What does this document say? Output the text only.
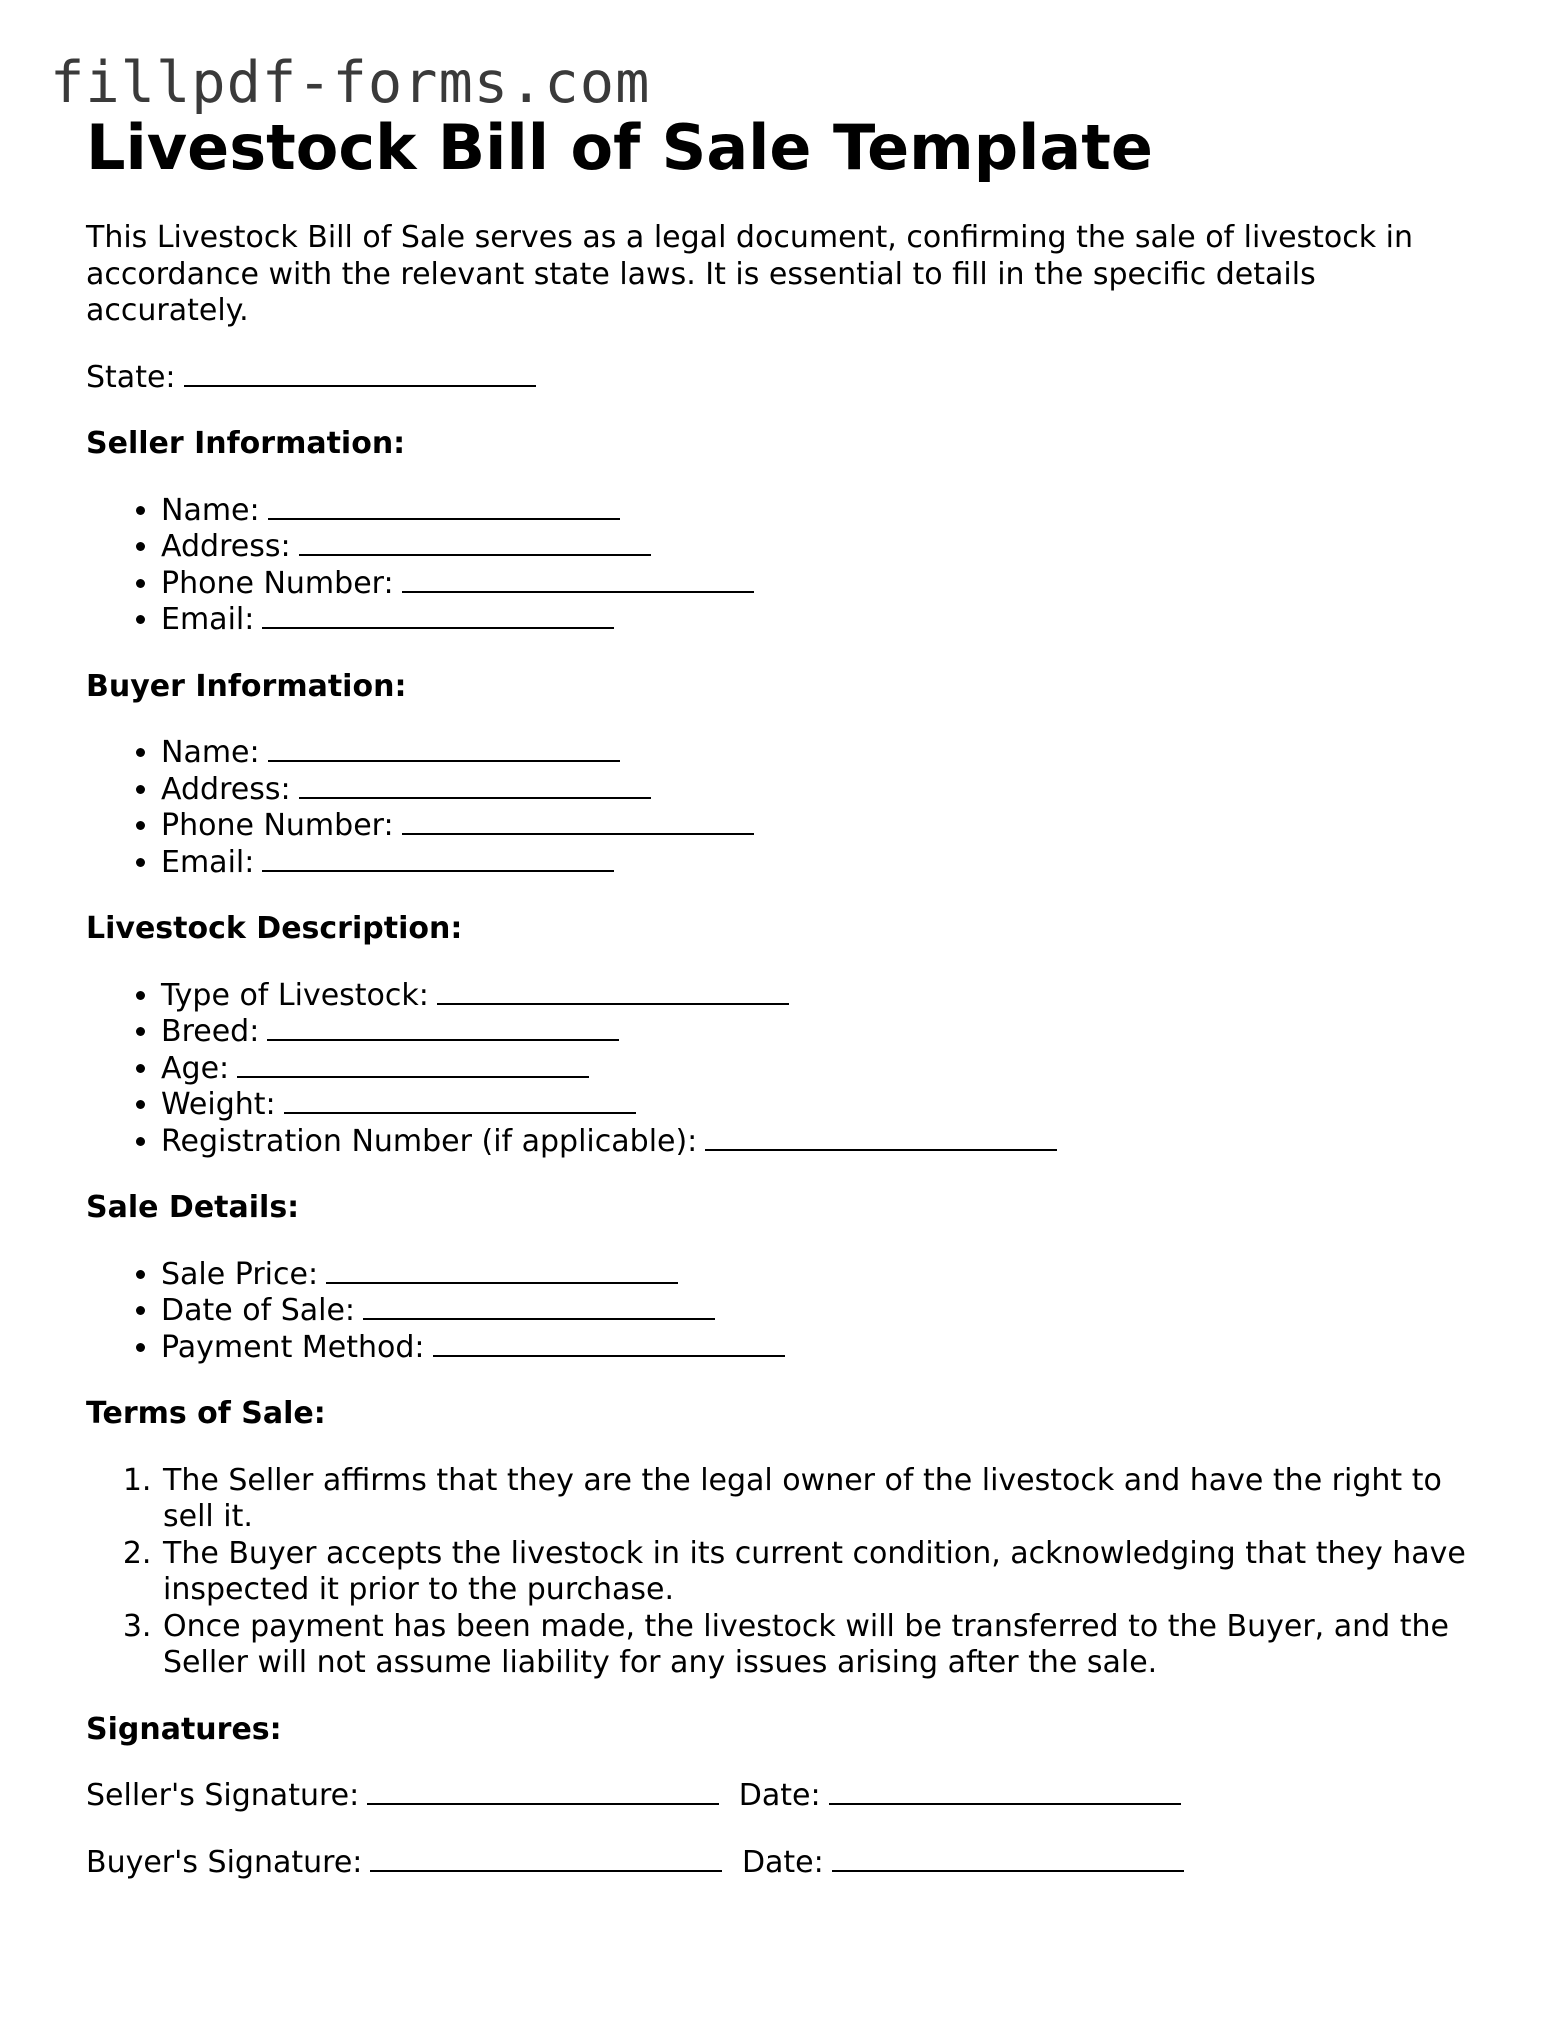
fillpdf-forms.com
Livestock Bill of Sale Template

This Livestock Bill of Sale serves as a legal document, confirming the sale of livestock in accordance with the relevant state laws. It is essential to fill in the specific details accurately.

State:

Seller Information:
• Name:
• Address:
• Phone Number:
• Email:
Buyer Information:
• Name:
• Address:
• Phone Number:
• Email:
Livestock Description:
• Type of Livestock:
• Breed:
• Age:
• Weight:
• Registration Number (if applicable):
Sale Details:
• Sale Price:
• Date of Sale:
• Payment Method:
Terms of Sale:
1. The Seller affirms that they are the legal owner of the livestock and have the right to sell it.
2. The Buyer accepts the livestock in its current condition, acknowledging that they have inspected it prior to the purchase.
3. Once payment has been made, the livestock will be transferred to the Buyer, and the Seller will not assume liability for any issues arising after the sale.
Signatures:

Seller's Signature:	Date:

Buyer's Signature:	Date:
